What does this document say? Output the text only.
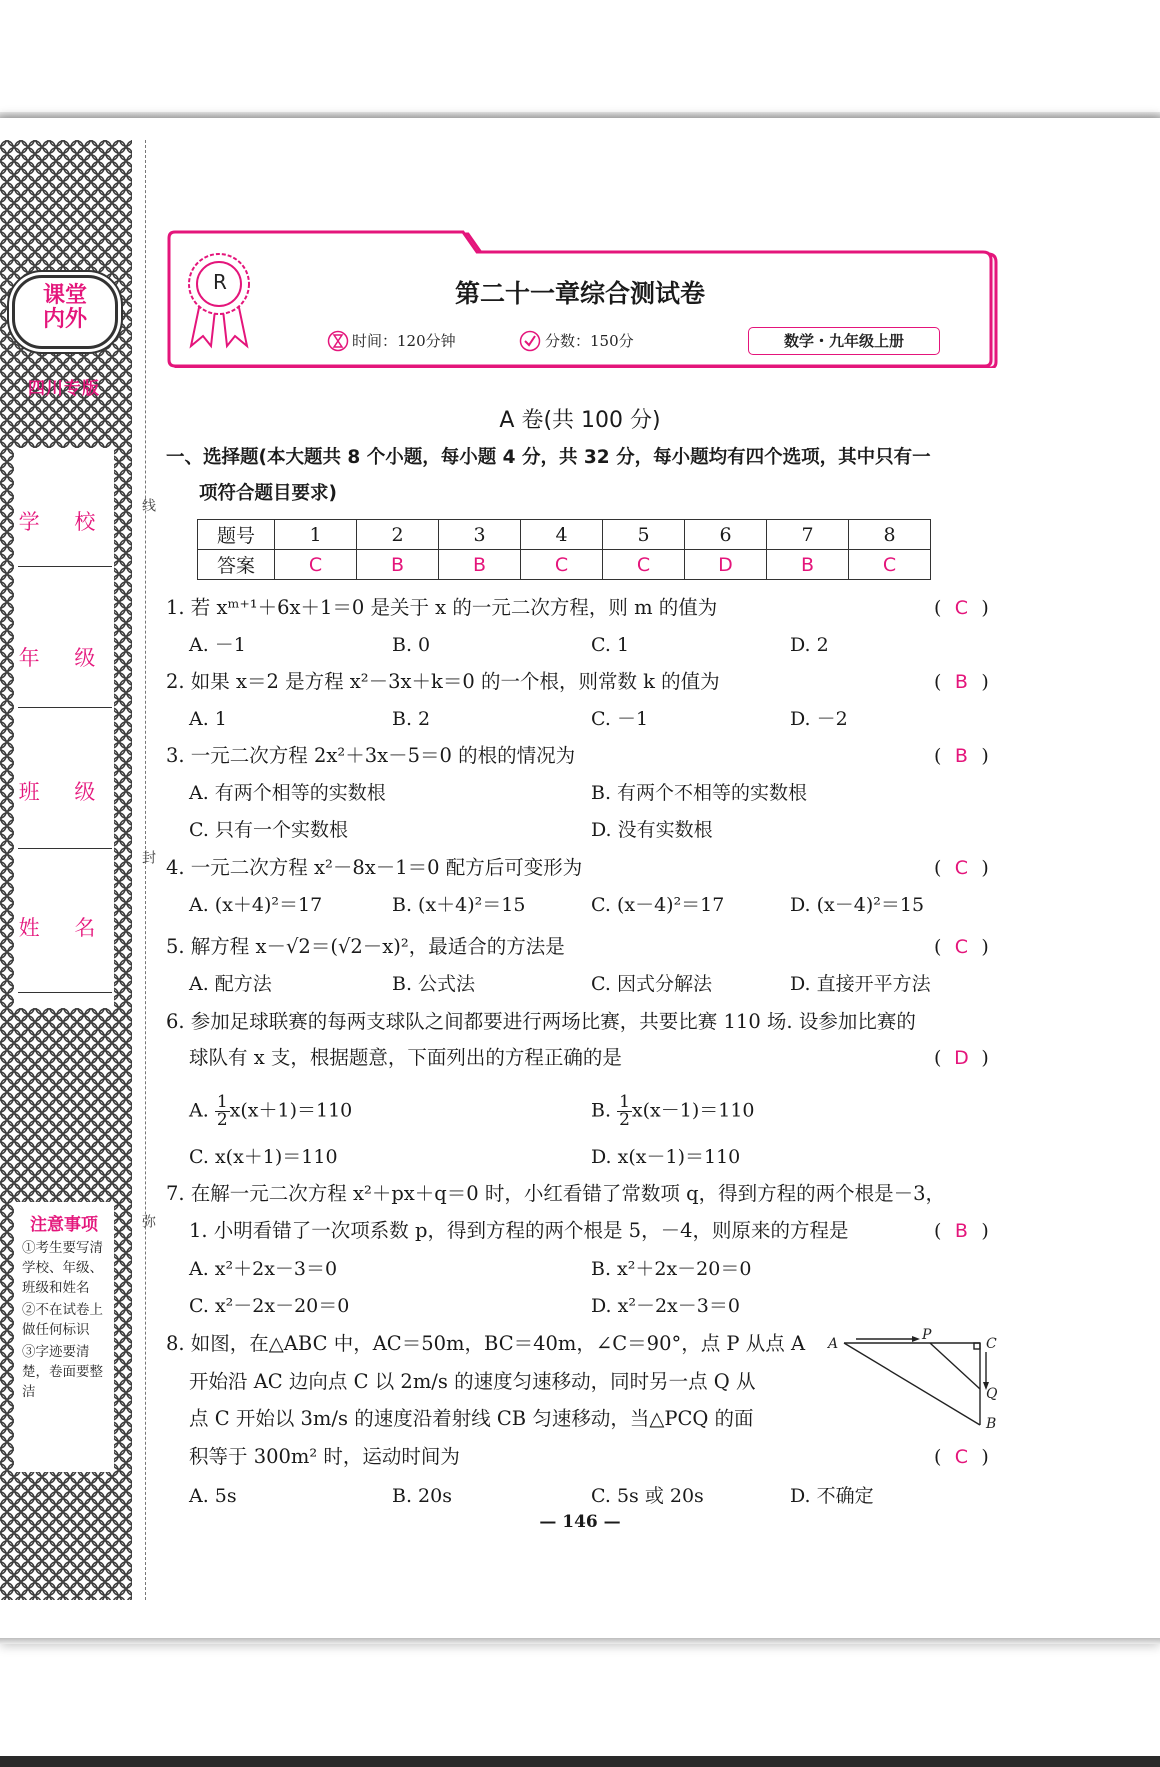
课堂
内外
四川专版
学 校
年 级
班 级
姓 名
线
封
弥
注意事项
①考生要写清学校、年级、班级和姓名
②不在试卷上做任何标识
③字迹要清楚，卷面要整洁
R	第二十一章综合测试卷
时间：120分钟	分数：150分	数学・九年级上册
A 卷(共 100 分)
一、选择题(本大题共 8 个小题，每小题 4 分，共 32 分，每小题均有四个选项，其中只有一
项符合题目要求)
题号	1	2	3	4	5	6	7	8
答案	C	B	B	C	C	D	B	C
1. 若 xᵐ⁺¹＋6x＋1＝0 是关于 x 的一元二次方程，则 m 的值为	( C )
A. －1	B. 0	C. 1	D. 2
2. 如果 x＝2 是方程 x²－3x＋k＝0 的一个根，则常数 k 的值为	( B )
A. 1	B. 2	C. －1	D. －2
3. 一元二次方程 2x²＋3x－5＝0 的根的情况为	( B )
A. 有两个相等的实数根	B. 有两个不相等的实数根
C. 只有一个实数根	D. 没有实数根
4. 一元二次方程 x²－8x－1＝0 配方后可变形为	( C )
A. (x＋4)²＝17	B. (x＋4)²＝15	C. (x－4)²＝17	D. (x－4)²＝15
5. 解方程 x－√2＝(√2－x)²，最适合的方法是	( C )
A. 配方法	B. 公式法	C. 因式分解法	D. 直接开平方法
6. 参加足球联赛的每两支球队之间都要进行两场比赛，共要比赛 110 场. 设参加比赛的
球队有 x 支，根据题意，下面列出的方程正确的是	( D )
A. $\frac{1}{2} x(x+1)=110$	B. $\frac{1}{2} x(x-1)=110$
C. x(x＋1)＝110	D. x(x－1)＝110
7. 在解一元二次方程 x²＋px＋q＝0 时，小红看错了常数项 q，得到方程的两个根是－3，
1. 小明看错了一次项系数 p，得到方程的两个根是 5，－4，则原来的方程是	( B )
A. x²＋2x－3＝0	B. x²＋2x－20＝0
C. x²－2x－20＝0	D. x²－2x－3＝0
8. 如图，在△ABC 中，AC＝50m，BC＝40m，∠C＝90°，点 P 从点 A
开始沿 AC 边向点 C 以 2m/s 的速度匀速移动，同时另一点 Q 从
点 C 开始以 3m/s 的速度沿着射线 CB 匀速移动，当△PCQ 的面
积等于 300m² 时，运动时间为	( C )
A. 5s	B. 20s	C. 5s 或 20s	D. 不确定
A
P
C
Q
B
— 146 —
